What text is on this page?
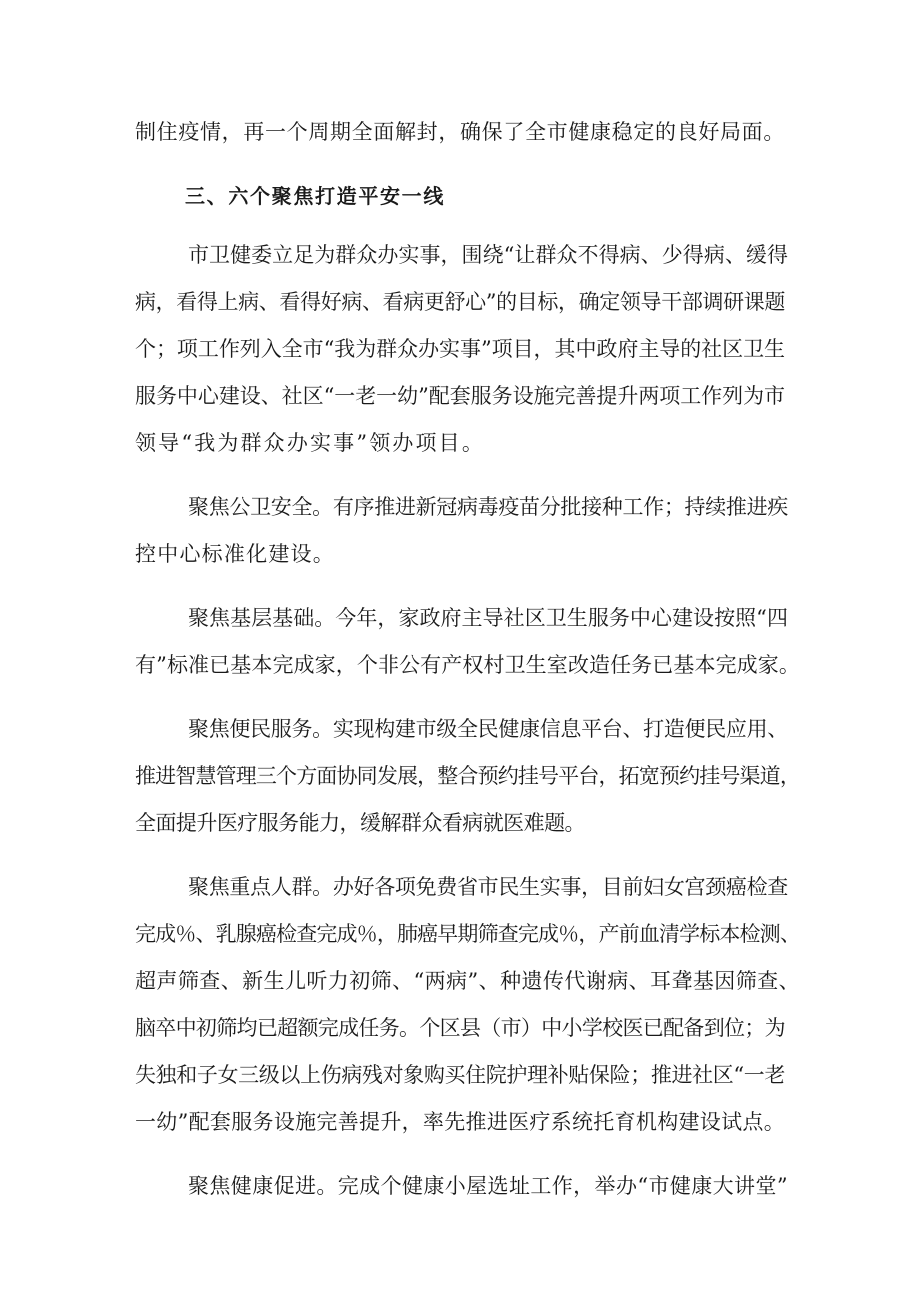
制住疫情，再一个周期全面解封，确保了全市健康稳定的良好局面。
三、六个聚焦打造平安一线
市卫健委立足为群众办实事，围绕“让群众不得病、少得病、缓得
病，看得上病、看得好病、看病更舒心”的目标，确定领导干部调研课题
个；项工作列入全市“我为群众办实事”项目，其中政府主导的社区卫生
服务中心建设、社区“一老一幼”配套服务设施完善提升两项工作列为市
领导“我为群众办实事”领办项目。
聚焦公卫安全。有序推进新冠病毒疫苗分批接种工作；持续推进疾
控中心标准化建设。
聚焦基层基础。今年，家政府主导社区卫生服务中心建设按照“四
有”标准已基本完成家，个非公有产权村卫生室改造任务已基本完成家。
聚焦便民服务。实现构建市级全民健康信息平台、打造便民应用、
推进智慧管理三个方面协同发展，整合预约挂号平台，拓宽预约挂号渠道，
全面提升医疗服务能力，缓解群众看病就医难题。
聚焦重点人群。办好各项免费省市民生实事，目前妇女宫颈癌检查
完成％、乳腺癌检查完成％，肺癌早期筛查完成％，产前血清学标本检测、
超声筛查、新生儿听力初筛、“两病”、种遗传代谢病、耳聋基因筛查、
脑卒中初筛均已超额完成任务。个区县（市）中小学校医已配备到位；为
失独和子女三级以上伤病残对象购买住院护理补贴保险；推进社区“一老
一幼”配套服务设施完善提升，率先推进医疗系统托育机构建设试点。
聚焦健康促进。完成个健康小屋选址工作，举办“市健康大讲堂”
